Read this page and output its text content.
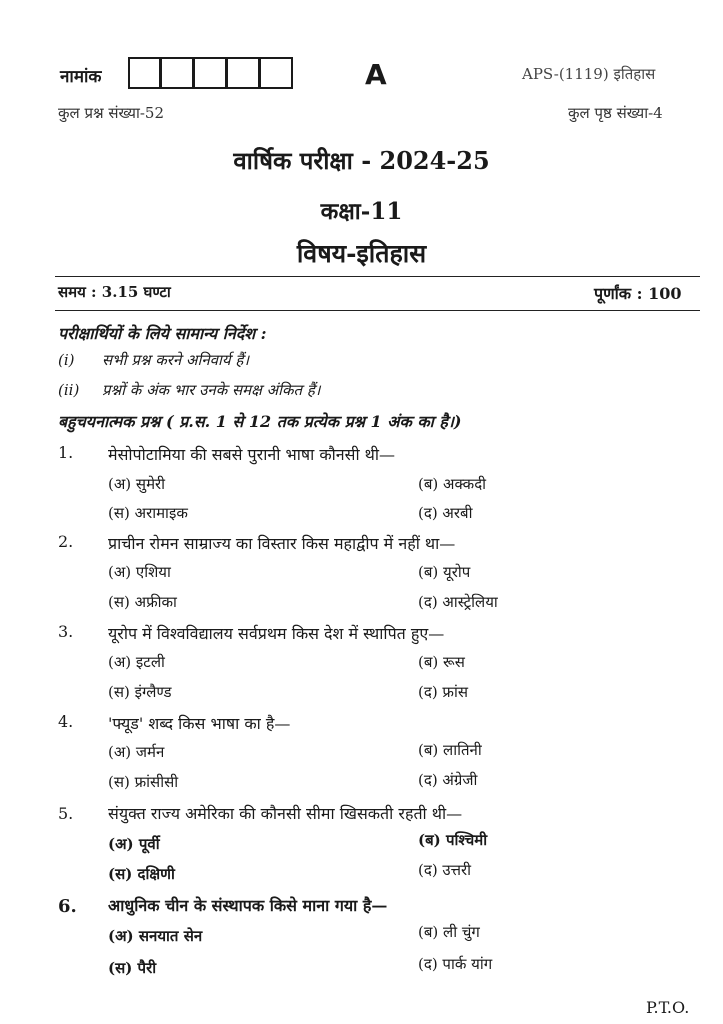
नामांक	A	APS-(1119) इतिहास
कुल प्रश्न संख्या-52	कुल पृष्ठ संख्या-4
वार्षिक परीक्षा - 2024-25
कक्षा-11
विषय-इतिहास
समय : 3.15 घण्टा	पूर्णांक : 100
परीक्षार्थियों के लिये सामान्य निर्देश :
(i) सभी प्रश्न करने अनिवार्य हैं।
(ii) प्रश्नों के अंक भार उनके समक्ष अंकित हैं।
बहुचयनात्मक प्रश्न ( प्र.स. 1 से 12 तक प्रत्येक प्रश्न 1 अंक का है।)
1. मेसोपोटामिया की सबसे पुरानी भाषा कौनसी थी—
(अ) सुमेरी	(ब) अक्कदी
(स) अरामाइक	(द) अरबी
2. प्राचीन रोमन साम्राज्य का विस्तार किस महाद्वीप में नहीं था—
(अ) एशिया	(ब) यूरोप
(स) अफ्रीका	(द) आस्ट्रेलिया
3. यूरोप में विश्वविद्यालय सर्वप्रथम किस देश में स्थापित हुए—
(अ) इटली	(ब) रूस
(स) इंग्लैण्ड	(द) फ्रांस
4. 'फ्यूड' शब्द किस भाषा का है—
(अ) जर्मन	(ब) लातिनी
(स) फ्रांसीसी	(द) अंग्रेजी
5. संयुक्त राज्य अमेरिका की कौनसी सीमा खिसकती रहती थी—
(अ) पूर्वी	(ब) पश्चिमी
(स) दक्षिणी	(द) उत्तरी
6. आधुनिक चीन के संस्थापक किसे माना गया है—
(अ) सनयात सेन	(ब) ली चुंग
(स) पैरी	(द) पार्क यांग
P.T.O.
